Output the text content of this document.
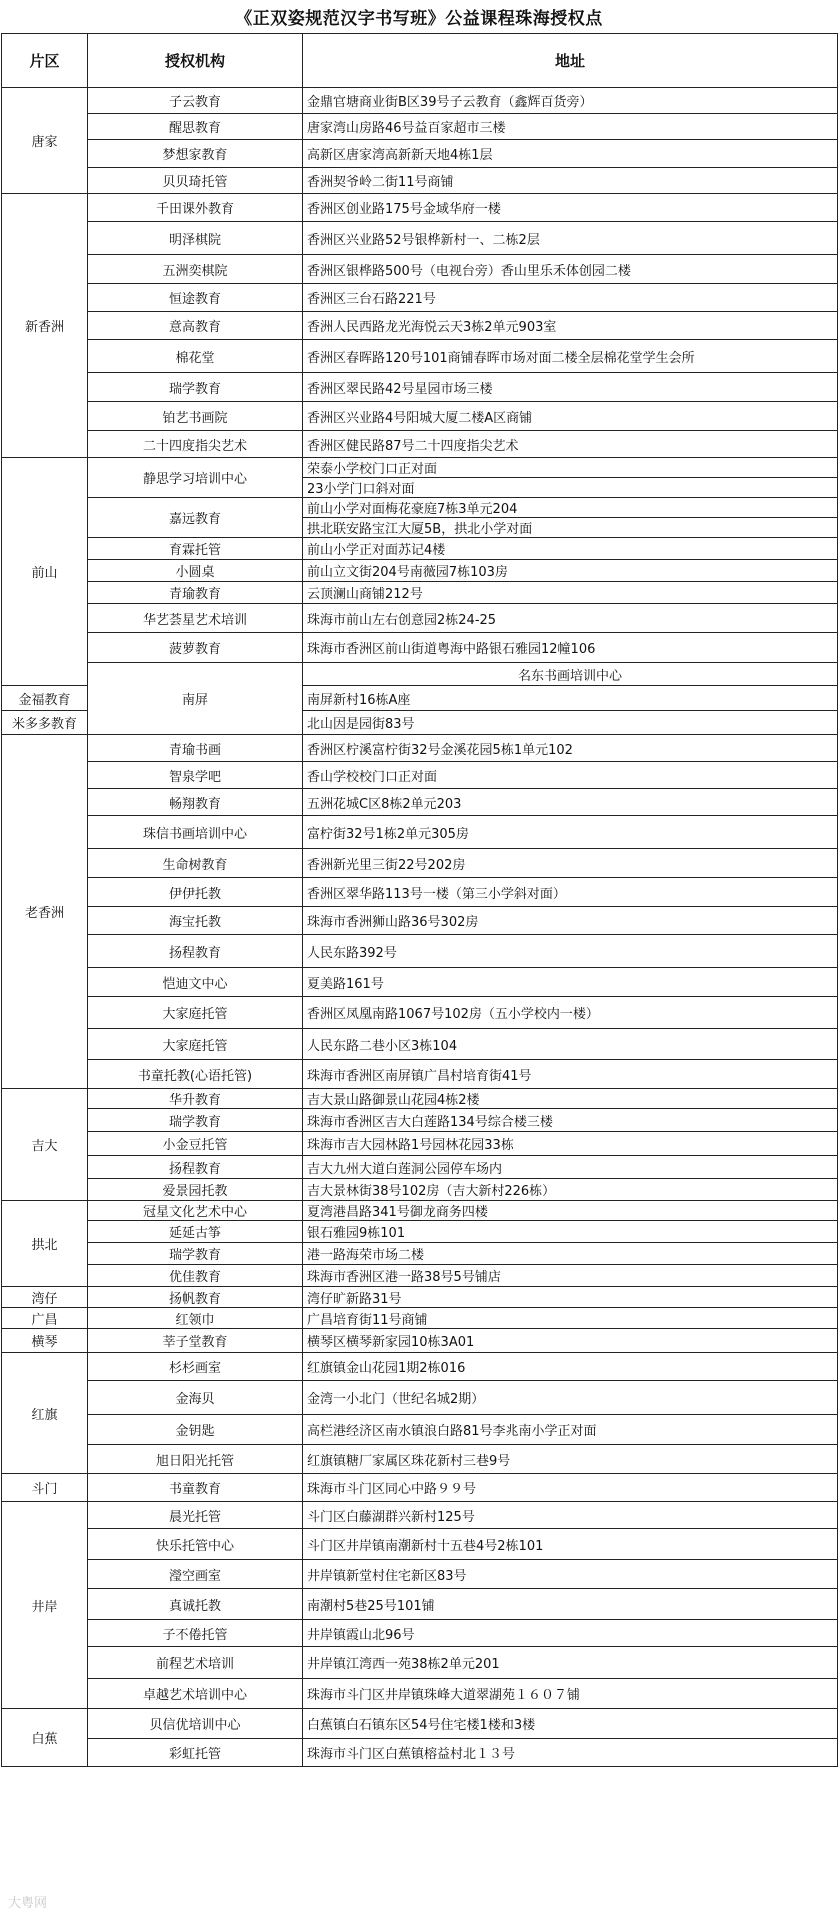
《正双姿规范汉字书写班》公益课程珠海授权点
片区	授权机构	地址	
唐家	子云教育	金鼎官塘商业街B区39号子云教育（鑫辉百货旁）	
	醒思教育	唐家湾山房路46号益百家超市三楼	
	梦想家教育	高新区唐家湾高新新天地4栋1层	
	贝贝琦托管	香洲契爷岭二街11号商铺	
新香洲	千田课外教育	香洲区创业路175号金域华府一楼	
	明泽棋院	香洲区兴业路52号银桦新村一、二栋2层	
	五洲奕棋院	香洲区银桦路500号（电视台旁）香山里乐禾体创园二楼	
	恒途教育	香洲区三台石路221号	
	意高教育	香洲人民西路龙光海悦云天3栋2单元903室	
	棉花堂	香洲区春晖路120号101商铺春晖市场对面二楼全层棉花堂学生会所	
	瑞学教育	香洲区翠民路42号星园市场三楼	
	铂艺书画院	香洲区兴业路4号阳城大厦二楼A区商铺	
	二十四度指尖艺术	香洲区健民路87号二十四度指尖艺术	
前山	静思学习培训中心	荣泰小学校门口正对面	
		23小学门口斜对面	
	嘉远教育	前山小学对面梅花豪庭7栋3单元204	
		拱北联安路宝江大厦5B，拱北小学对面	
	育霖托管	前山小学正对面苏记4楼	
	小圆桌	前山立文街204号南薇园7栋103房	
	青瑜教育	云顶澜山商铺212号	
	华艺荟星艺术培训	珠海市前山左右创意园2栋24-25	
	菠萝教育	珠海市香洲区前山街道粤海中路银石雅园12幢106	
	南屏	名东书画培训中心	
金福教育		南屏新村16栋A座	
米多多教育		北山因是园街83号	
老香洲	青瑜书画	香洲区柠溪富柠街32号金溪花园5栋1单元102	
	智泉学吧	香山学校校门口正对面	
	畅翔教育	五洲花城C区8栋2单元203	
	珠信书画培训中心	富柠街32号1栋2单元305房	
	生命树教育	香洲新光里三街22号202房	
	伊伊托教	香洲区翠华路113号一楼（第三小学斜对面）	
	海宝托教	珠海市香洲狮山路36号302房	
	扬程教育	人民东路392号	
	恺迪文中心	夏美路161号	
	大家庭托管	香洲区凤凰南路1067号102房（五小学校内一楼）	
	大家庭托管	人民东路二巷小区3栋104	
	书童托教(心语托管)	珠海市香洲区南屏镇广昌村培育街41号	
吉大	华升教育	吉大景山路御景山花园4栋2楼	
	瑞学教育	珠海市香洲区吉大白莲路134号综合楼三楼	
	小金豆托管	珠海市吉大园林路1号园林花园33栋	
	扬程教育	吉大九州大道白莲洞公园停车场内	
	爱景园托教	吉大景林街38号102房（吉大新村226栋）	
拱北	冠星文化艺术中心	夏湾港昌路341号御龙商务四楼	
	延延古筝	银石雅园9栋101	
	瑞学教育	港一路海荣市场二楼	
	优佳教育	珠海市香洲区港一路38号5号铺店	
湾仔	扬帆教育	湾仔旷新路31号	
广昌	红领巾	广昌培育街11号商铺	
横琴	莘子堂教育	横琴区横琴新家园10栋3A01	
红旗	杉杉画室	红旗镇金山花园1期2栋016	
	金海贝	金湾一小北门（世纪名城2期）	
	金钥匙	高栏港经济区南水镇浪白路81号李兆南小学正对面	
	旭日阳光托管	红旗镇糖厂家属区珠花新村三巷9号	
斗门	书童教育	珠海市斗门区同心中路９９号	
井岸	晨光托管	斗门区白藤湖群兴新村125号	
	快乐托管中心	斗门区井岸镇南潮新村十五巷4号2栋101	
	瀅空画室	井岸镇新堂村住宅新区83号	
	真诚托教	南潮村5巷25号101铺	
	子不倦托管	井岸镇霞山北96号	
	前程艺术培训	井岸镇江湾西一苑38栋2单元201	
	卓越艺术培训中心	珠海市斗门区井岸镇珠峰大道翠湖苑１６０７铺	
白蕉	贝信优培训中心	白蕉镇白石镇东区54号住宅楼1楼和3楼	
	彩虹托管	珠海市斗门区白蕉镇榕益村北１３号	
大粤网
